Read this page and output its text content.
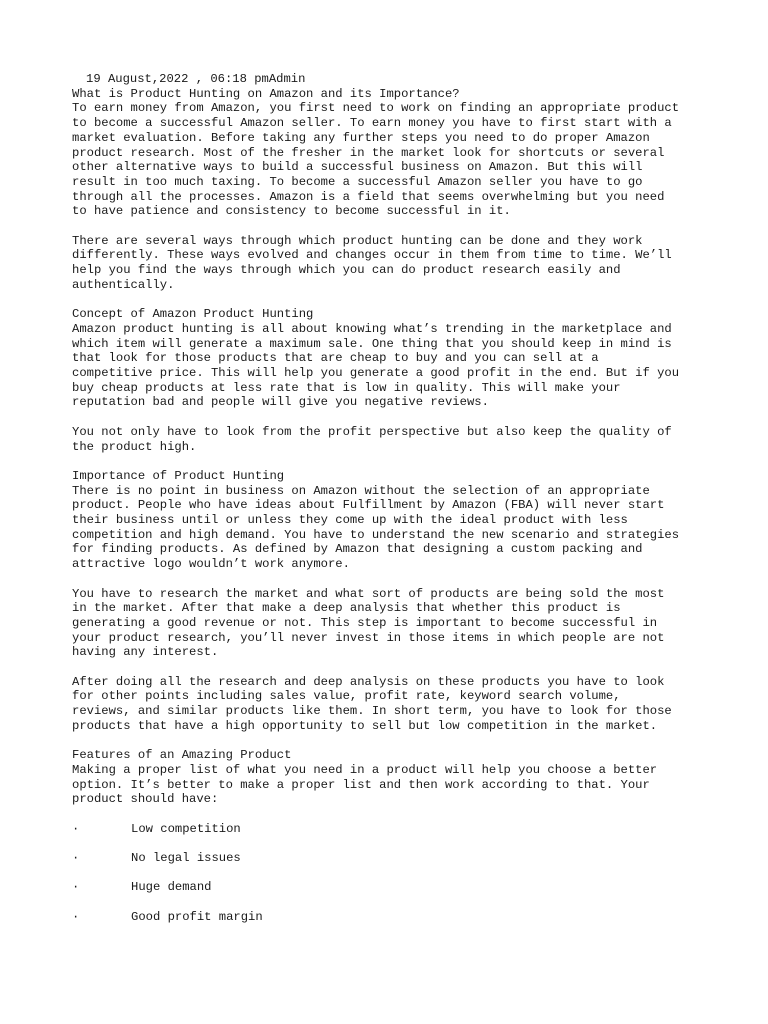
19 August,2022 , 06:18 pmAdmin
What is Product Hunting on Amazon and its Importance?
To earn money from Amazon, you first need to work on finding an appropriate product
to become a successful Amazon seller. To earn money you have to first start with a
market evaluation. Before taking any further steps you need to do proper Amazon
product research. Most of the fresher in the market look for shortcuts or several
other alternative ways to build a successful business on Amazon. But this will
result in too much taxing. To become a successful Amazon seller you have to go
through all the processes. Amazon is a field that seems overwhelming but you need
to have patience and consistency to become successful in it.
There are several ways through which product hunting can be done and they work
differently. These ways evolved and changes occur in them from time to time. We’ll
help you find the ways through which you can do product research easily and
authentically.
Concept of Amazon Product Hunting
Amazon product hunting is all about knowing what’s trending in the marketplace and
which item will generate a maximum sale. One thing that you should keep in mind is
that look for those products that are cheap to buy and you can sell at a
competitive price. This will help you generate a good profit in the end. But if you
buy cheap products at less rate that is low in quality. This will make your
reputation bad and people will give you negative reviews.
You not only have to look from the profit perspective but also keep the quality of
the product high.
Importance of Product Hunting
There is no point in business on Amazon without the selection of an appropriate
product. People who have ideas about Fulfillment by Amazon (FBA) will never start
their business until or unless they come up with the ideal product with less
competition and high demand. You have to understand the new scenario and strategies
for finding products. As defined by Amazon that designing a custom packing and
attractive logo wouldn’t work anymore.
You have to research the market and what sort of products are being sold the most
in the market. After that make a deep analysis that whether this product is
generating a good revenue or not. This step is important to become successful in
your product research, you’ll never invest in those items in which people are not
having any interest.
After doing all the research and deep analysis on these products you have to look
for other points including sales value, profit rate, keyword search volume,
reviews, and similar products like them. In short term, you have to look for those
products that have a high opportunity to sell but low competition in the market.
Features of an Amazing Product
Making a proper list of what you need in a product will help you choose a better
option. It’s better to make a proper list and then work according to that. Your
product should have:
·	Low competition
·	No legal issues
·	Huge demand
·	Good profit margin
